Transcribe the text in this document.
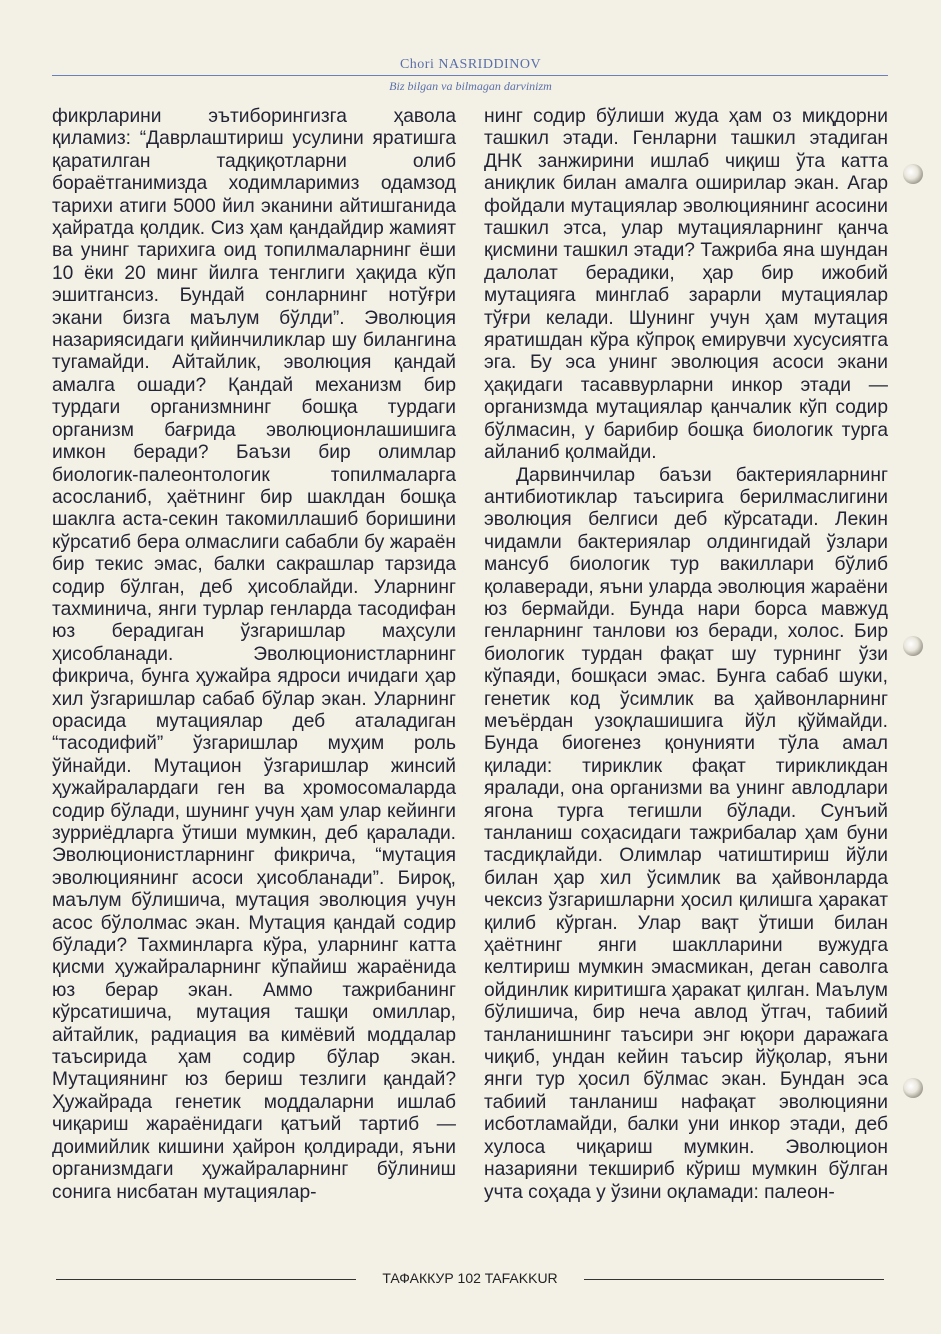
Chori NASRIDDINOV
Biz bilgan va bilmagan darvinizm

фикрларини эътиборингизга ҳавола қиламиз: “Даврлаштириш усулини яратишга қаратилган тадқиқотларни олиб бораётганимизда ходимларимиз одамзод тарихи атиги 5000 йил эканини айтишганида ҳайратда қолдик. Сиз ҳам қандайдир жамият ва унинг тарихига оид топилмаларнинг ёши 10 ёки 20 минг йилга тенглиги ҳақида кўп эшитгансиз. Бундай сонларнинг нотўғри экани бизга маълум бўлди”. Эволюция назариясидаги қийинчиликлар шу билангина тугамайди. Айтайлик, эволюция қандай амалга ошади? Қандай механизм бир турдаги организмнинг бошқа турдаги организм бағрида эволюционлашишига имкон беради? Баъзи бир олимлар биологик-палеонтологик топилмаларга асосланиб, ҳаётнинг бир шаклдан бошқа шаклга аста-секин такомиллашиб боришини кўрсатиб бера олмаслиги сабабли бу жараён бир текис эмас, балки сакрашлар тарзида содир бўлган, деб ҳисоблайди. Уларнинг тахминича, янги турлар генларда тасодифан юз берадиган ўзгаришлар маҳсули ҳисобланади. Эволюционистларнинг фикрича, бунга ҳужайра ядроси ичидаги ҳар хил ўзгаришлар сабаб бўлар экан. Уларнинг орасида мутациялар деб аталадиган “тасодифий” ўзгаришлар муҳим роль ўйнайди. Мутацион ўзгаришлар жинсий ҳужайралардаги ген ва хромосомаларда содир бўлади, шунинг учун ҳам улар кейинги зурриёдларга ўтиши мумкин, деб қаралади. Эволюционистларнинг фикрича, “мутация эволюциянинг асоси ҳисобланади”. Бироқ, маълум бўлишича, мутация эволюция учун асос бўлолмас экан. Мутация қандай содир бўлади? Тахминларга кўра, уларнинг катта қисми ҳужайраларнинг кўпайиш жараёнида юз берар экан. Аммо тажрибанинг кўрсатишича, мутация ташқи омиллар, айтайлик, радиация ва кимёвий моддалар таъсирида ҳам содир бўлар экан. Мутациянинг юз бериш тезлиги қандай? Ҳужайрада генетик моддаларни ишлаб чиқариш жараёнидаги қатъий тартиб — доимийлик кишини ҳайрон қолдиради, яъни организмдаги ҳужайраларнинг бўлиниш сонига нисбатан мутациялар-

нинг содир бўлиши жуда ҳам оз миқдорни ташкил этади. Генларни ташкил этадиган ДНК занжирини ишлаб чиқиш ўта катта аниқлик билан амалга оширилар экан. Агар фойдали мутациялар эволюциянинг асосини ташкил этса, улар мутацияларнинг қанча қисмини ташкил этади? Тажриба яна шундан далолат берадики, ҳар бир ижобий мутацияга минглаб зарарли мутациялар тўғри келади. Шунинг учун ҳам мутация яратишдан кўра кўпроқ емирувчи хусусиятга эга. Бу эса унинг эволюция асоси экани ҳақидаги тасаввурларни инкор этади — организмда мутациялар қанчалик кўп содир бўлмасин, у барибир бошқа биологик турга айланиб қолмайди.

Дарвинчилар баъзи бактерияларнинг антибиотиклар таъсирига берилмаслигини эволюция белгиси деб кўрсатади. Лекин чидамли бактериялар олдингидай ўзлари мансуб биологик тур вакиллари бўлиб қолаверади, яъни уларда эволюция жараёни юз бермайди. Бунда нари борса мавжуд генларнинг танлови юз беради, холос. Бир биологик турдан фақат шу турнинг ўзи кўпаяди, бошқаси эмас. Бунга сабаб шуки, генетик код ўсимлик ва ҳайвонларнинг меъёрдан узоқлашишига йўл қўймайди. Бунда биогенез қонунияти тўла амал қилади: тириклик фақат тирикликдан яралади, она организми ва унинг авлодлари ягона турга тегишли бўлади. Сунъий танланиш соҳасидаги тажрибалар ҳам буни тасдиқлайди. Олимлар чатиштириш йўли билан ҳар хил ўсимлик ва ҳайвонларда чексиз ўзгаришларни ҳосил қилишга ҳаракат қилиб кўрган. Улар вақт ўтиши билан ҳаётнинг янги шаклларини вужудга келтириш мумкин эмасмикан, деган саволга ойдинлик киритишга ҳаракат қилган. Маълум бўлишича, бир неча авлод ўтгач, табиий танланишнинг таъсири энг юқори даражага чиқиб, ундан кейин таъсир йўқолар, яъни янги тур ҳосил бўлмас экан. Бундан эса табиий танланиш нафақат эволюцияни исботламайди, балки уни инкор этади, деб хулоса чиқариш мумкин. Эволюцион назарияни текшириб кўриш мумкин бўлган учта соҳада у ўзини оқламади: палеон-

ТАФАККУР 102 TAFAKKUR
